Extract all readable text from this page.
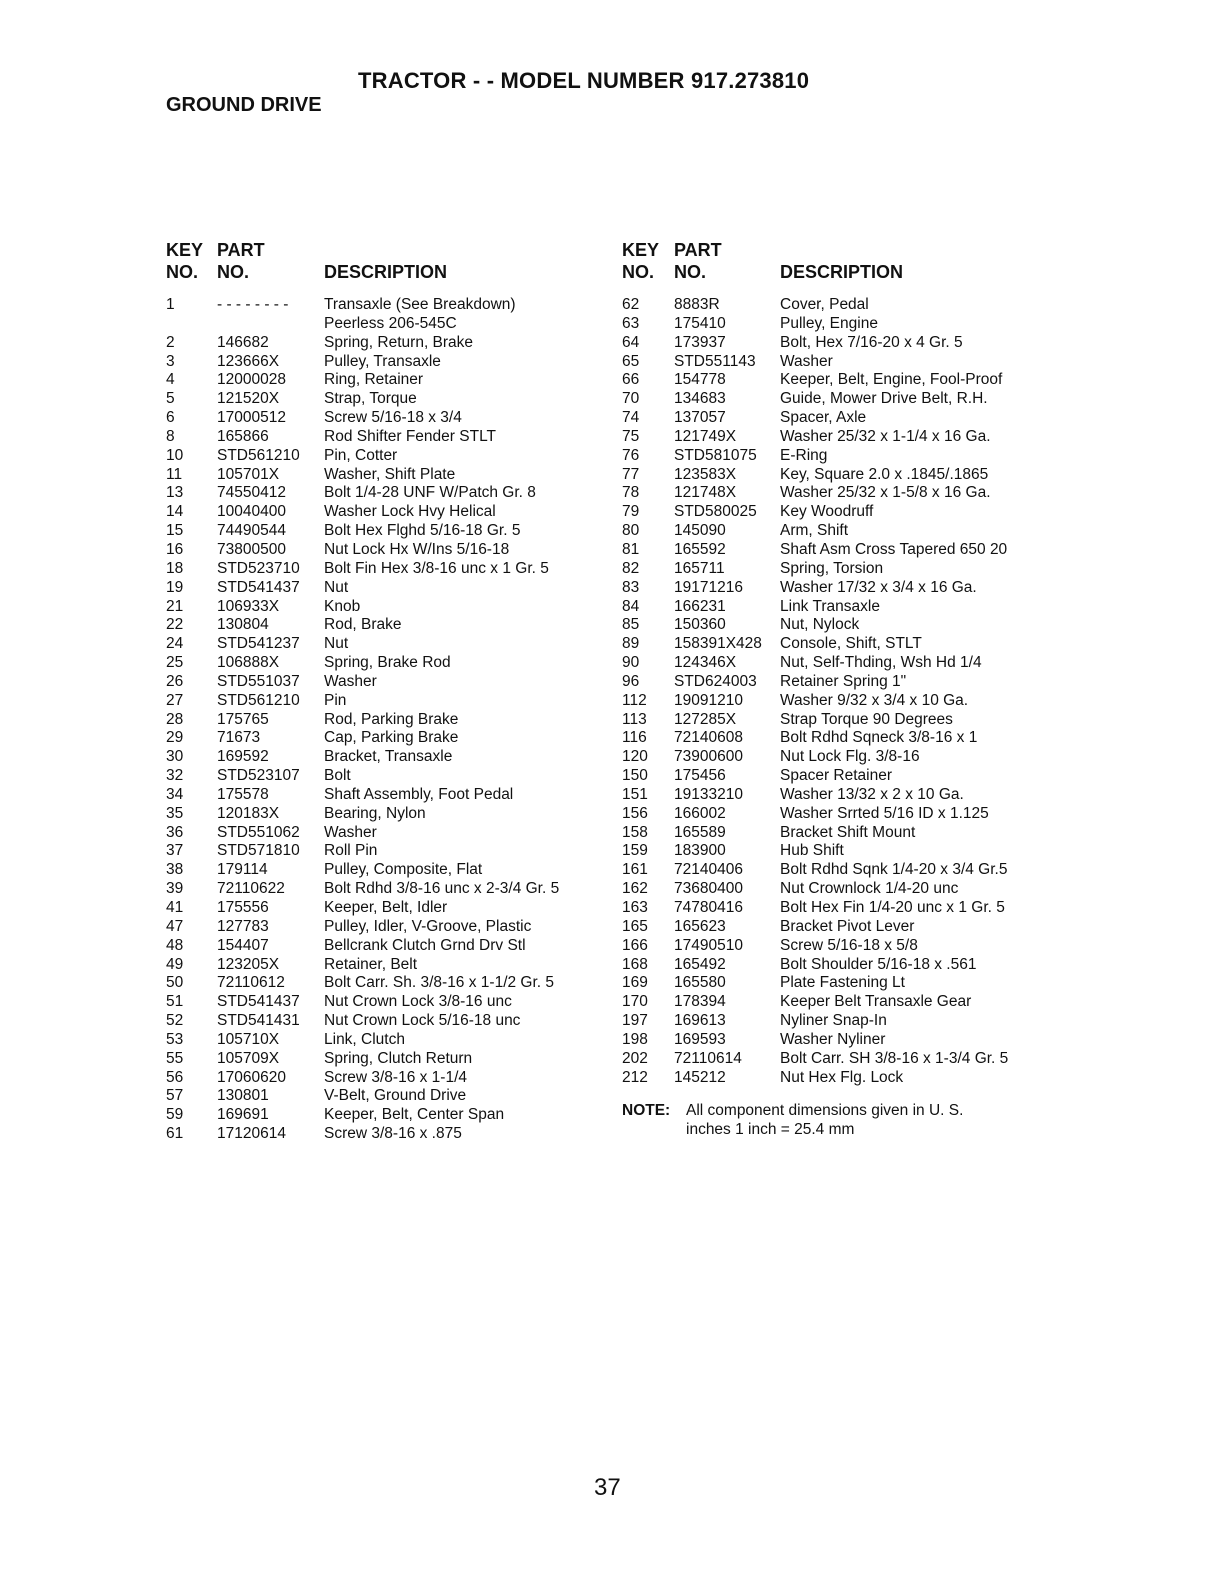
TRACTOR - - MODEL NUMBER 917.273810
GROUND DRIVE
KEY
NO.
PART
NO.	DESCRIPTION
1	- - - - - - - - Transaxle (See Breakdown)
Peerless 206-545C
2	146682	Spring, Return, Brake
3	123666X	Pulley, Transaxle
4	12000028 Ring, Retainer
5	121520X	Strap, Torque
6	17000512 Screw 5/16-18 x 3/4
8	165866	Rod Shifter Fender STLT
10 STD561210 Pin, Cotter
11 105701X	Washer, Shift Plate
13 74550412 Bolt 1/4-28 UNF W/Patch Gr. 8
14 10040400 Washer Lock Hvy Helical
15 74490544 Bolt Hex Flghd 5/16-18 Gr. 5
16 73800500 Nut Lock Hx W/Ins 5/16-18
18 STD523710 Bolt Fin Hex 3/8-16 unc x 1 Gr. 5
19 STD541437 Nut
21 106933X	Knob
22 130804	Rod, Brake
24 STD541237 Nut
25 106888X	Spring, Brake Rod
26 STD551037 Washer
27 STD561210 Pin
28 175765	Rod, Parking Brake
29 71673	Cap, Parking Brake
30 169592	Bracket, Transaxle
32 STD523107 Bolt
34 175578	Shaft Assembly, Foot Pedal
35 120183X	Bearing, Nylon
36 STD551062 Washer
37 STD571810 Roll Pin
38 179114	Pulley, Composite, Flat
39 72110622	Bolt Rdhd 3/8-16 unc x 2-3/4 Gr. 5
41 175556	Keeper, Belt, Idler
47 127783	Pulley, Idler, V-Groove, Plastic
48 154407	Bellcrank Clutch Grnd Drv Stl
49 123205X	Retainer, Belt
50 72110612	Bolt Carr. Sh. 3/8-16 x 1-1/2 Gr. 5
51 STD541437 Nut Crown Lock 3/8-16 unc
52 STD541431 Nut Crown Lock 5/16-18 unc
53 105710X	Link, Clutch
55 105709X	Spring, Clutch Return
56 17060620 Screw 3/8-16 x 1-1/4
57 130801	V-Belt, Ground Drive
59 169691	Keeper, Belt, Center Span
61 17120614 Screw 3/8-16 x .875
KEY
NO.
PART
NO.	DESCRIPTION
62 8883R	Cover, Pedal
63 175410	Pulley, Engine
64 173937	Bolt, Hex 7/16-20 x 4 Gr. 5
65 STD551143 Washer
66 154778	Keeper, Belt, Engine, Fool-Proof
70 134683	Guide, Mower Drive Belt, R.H.
74 137057	Spacer, Axle
75 121749X	Washer 25/32 x 1-1/4 x 16 Ga.
76 STD581075 E-Ring
77 123583X	Key, Square 2.0 x .1845/.1865
78 121748X	Washer 25/32 x 1-5/8 x 16 Ga.
79 STD580025 Key Woodruff
80 145090	Arm, Shift
81 165592	Shaft Asm Cross Tapered 650 20
82 165711	Spring, Torsion
83 19171216 Washer 17/32 x 3/4 x 16 Ga.
84 166231	Link Transaxle
85 150360	Nut, Nylock
89 158391X428 Console, Shift, STLT
90 124346X	Nut, Self-Thding, Wsh Hd 1/4
96 STD624003 Retainer Spring 1"
112 19091210 Washer 9/32 x 3/4 x 10 Ga.
113 127285X	Strap Torque 90 Degrees
116 72140608 Bolt Rdhd Sqneck 3/8-16 x 1
120 73900600 Nut Lock Flg. 3/8-16
150 175456	Spacer Retainer
151 19133210 Washer 13/32 x 2 x 10 Ga.
156 166002	Washer Srrted 5/16 ID x 1.125
158 165589	Bracket Shift Mount
159 183900	Hub Shift
161 72140406 Bolt Rdhd Sqnk 1/4-20 x 3/4 Gr.5
162 73680400 Nut Crownlock 1/4-20 unc
163 74780416 Bolt Hex Fin 1/4-20 unc x 1 Gr. 5
165 165623	Bracket Pivot Lever
166 17490510 Screw 5/16-18 x 5/8
168 165492	Bolt Shoulder 5/16-18 x .561
169 165580	Plate Fastening Lt
170 178394	Keeper Belt Transaxle Gear
197 169613	Nyliner Snap-In
198 169593	Washer Nyliner
202 72110614 Bolt Carr. SH 3/8-16 x 1-3/4 Gr. 5
212 145212	Nut Hex Flg. Lock
NOTE: All component dimensions given in U. S.
inches 1 inch = 25.4 mm
37
